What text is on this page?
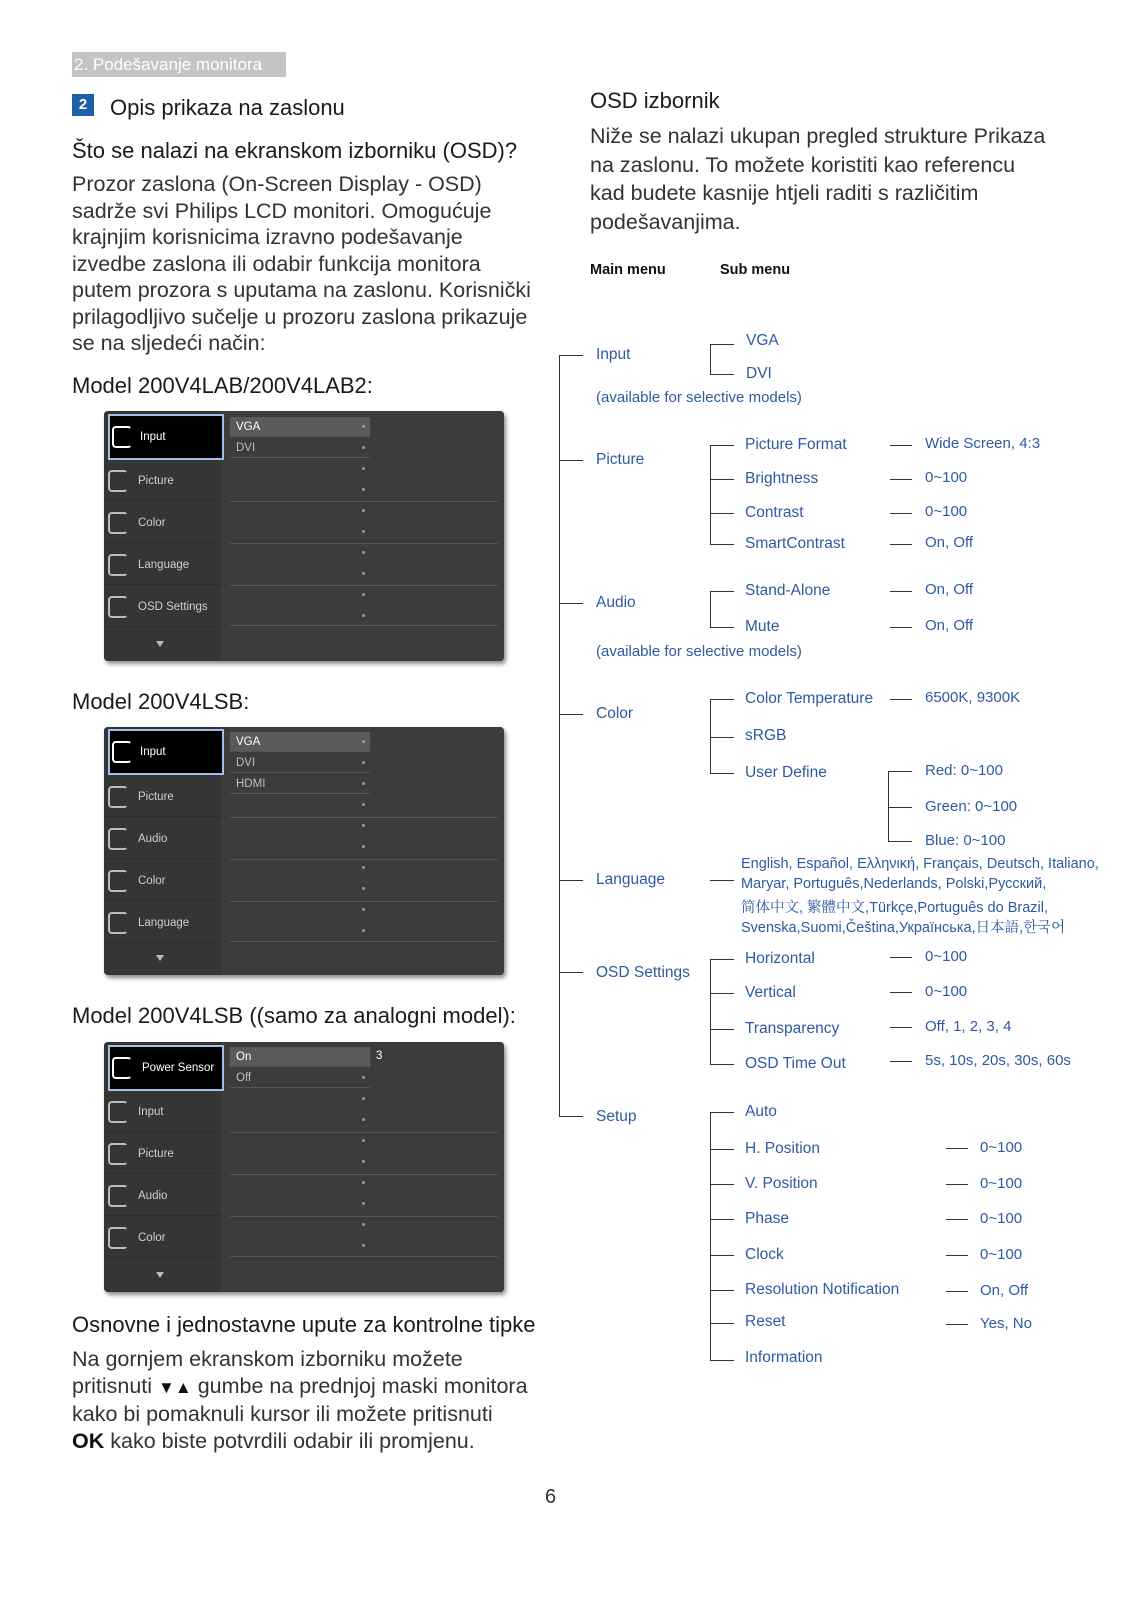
2. Podešavanje monitora
2	Opis prikaza na zaslonu
Što se nalazi na ekranskom izborniku (OSD)?
Prozor zaslona (On-Screen Display - OSD)
sadrže svi Philips LCD monitori. Omogućuje
krajnjim korisnicima izravno podešavanje
izvedbe zaslona ili odabir funkcija monitora
putem prozora s uputama na zaslonu. Korisnički
prilagodljivo sučelje u prozoru zaslona prikazuje
se na sljedeći način:
Model 200V4LAB/200V4LAB2:
Input
Picture
Color
Language
OSD Settings
VGA
DVI
Model 200V4LSB:
Input
Picture
Audio
Color
Language
VGA
DVI
HDMI
Model 200V4LSB ((samo za analogni model):
Power Sensor
Input
Picture
Audio
Color
On
Off
3
Osnovne i jednostavne upute za kontrolne tipke
Na gornjem ekranskom izborniku možete
pritisnuti ▼▲ gumbe na prednjoj maski monitora
kako bi pomaknuli kursor ili možete pritisnuti
OK kako biste potvrdili odabir ili promjenu.
OSD izbornik
Niže se nalazi ukupan pregled strukture Prikaza
na zaslonu. To možete koristiti kao referencu
kad budete kasnije htjeli raditi s različitim
podešavanjima.
Main menu	Sub menu
Input
VGA
DVI
(available for selective models)
Picture
Picture Format	Wide Screen, 4:3
Brightness	0~100
Contrast	0~100
SmartContrast	On, Off
Audio
Stand-Alone	On, Off
Mute	On, Off
(available for selective models)
Color
Color Temperature	6500K, 9300K
sRGB
User Define	Red: 0~100
Green: 0~100
Blue: 0~100
Language
English, Español, Ελληνική, Français, Deutsch, Italiano,
Maryar, Português,Nederlands, Polski,Русский,
简体中文, 繁體中文,Türkçe,Português do Brazil,
Svenska,Suomi,Čeština,Українська,日本語,한국어
OSD Settings
Horizontal	0~100
Vertical	0~100
Transparency	Off, 1, 2, 3, 4
OSD Time Out	5s, 10s, 20s, 30s, 60s
Setup	Auto
H. Position	0~100
V. Position	0~100
Phase	0~100
Clock	0~100
Resolution Notification	On, Off
Reset	Yes, No
Information
6
